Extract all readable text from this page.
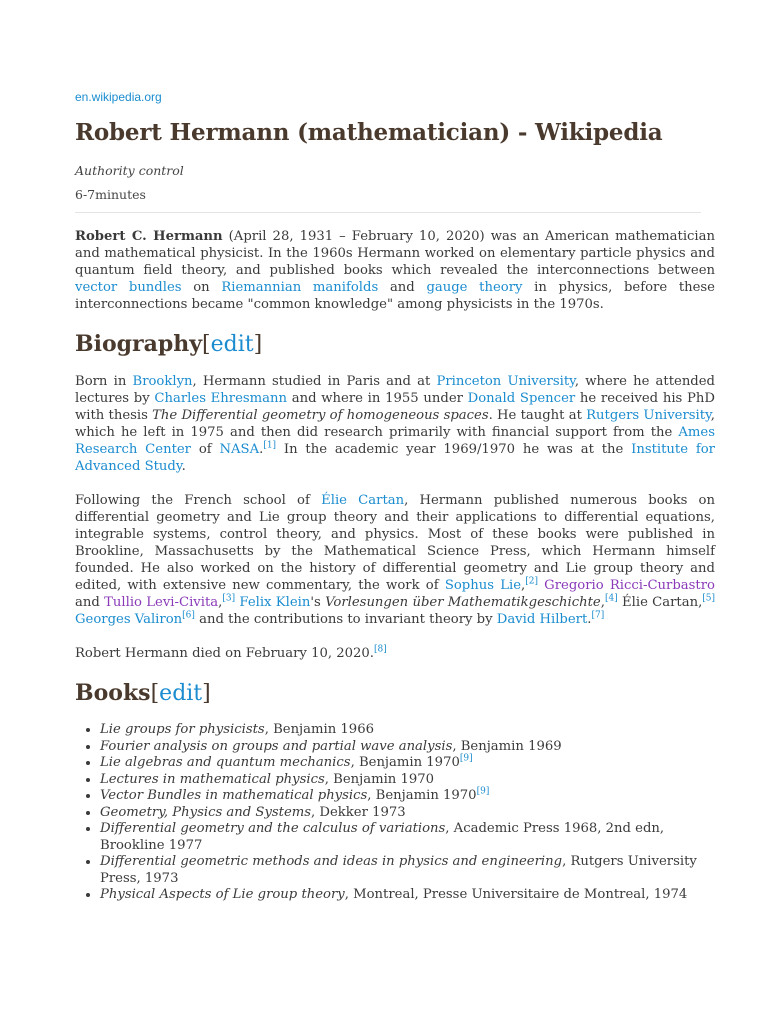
en.wikipedia.org
Robert Hermann (mathematician) - Wikipedia
Authority control
6-7minutes

Robert C. Hermann (April 28, 1931 – February 10, 2020) was an American mathematician and mathematical physicist. In the 1960s Hermann worked on elementary particle physics and quantum field theory, and published books which revealed the interconnections between vector bundles on Riemannian manifolds and gauge theory in physics, before these interconnections became "common knowledge" among physicists in the 1970s.

Biography[edit]

Born in Brooklyn, Hermann studied in Paris and at Princeton University, where he attended lectures by Charles Ehresmann and where in 1955 under Donald Spencer he received his PhD with thesis The Differential geometry of homogeneous spaces. He taught at Rutgers University, which he left in 1975 and then did research primarily with financial support from the Ames Research Center of NASA.[1] In the academic year 1969/1970 he was at the Institute for Advanced Study.

Following the French school of Élie Cartan, Hermann published numerous books on differential geometry and Lie group theory and their applications to differential equations, integrable systems, control theory, and physics. Most of these books were published in Brookline, Massachusetts by the Mathematical Science Press, which Hermann himself founded. He also worked on the history of differential geometry and Lie group theory and edited, with extensive new commentary, the work of Sophus Lie,[2] Gregorio Ricci-Curbastro and Tullio Levi-Civita,[3] Felix Klein's Vorlesungen über Mathematikgeschichte,[4] Élie Cartan,[5] Georges Valiron[6] and the contributions to invariant theory by David Hilbert.[7]

Robert Hermann died on February 10, 2020.[8]

Books[edit]
• Lie groups for physicists, Benjamin 1966
• Fourier analysis on groups and partial wave analysis, Benjamin 1969
• Lie algebras and quantum mechanics, Benjamin 1970[9]
• Lectures in mathematical physics, Benjamin 1970
• Vector Bundles in mathematical physics, Benjamin 1970[9]
• Geometry, Physics and Systems, Dekker 1973
• Differential geometry and the calculus of variations, Academic Press 1968, 2nd edn, Brookline 1977
• Differential geometric methods and ideas in physics and engineering, Rutgers University Press, 1973
• Physical Aspects of Lie group theory, Montreal, Presse Universitaire de Montreal, 1974
